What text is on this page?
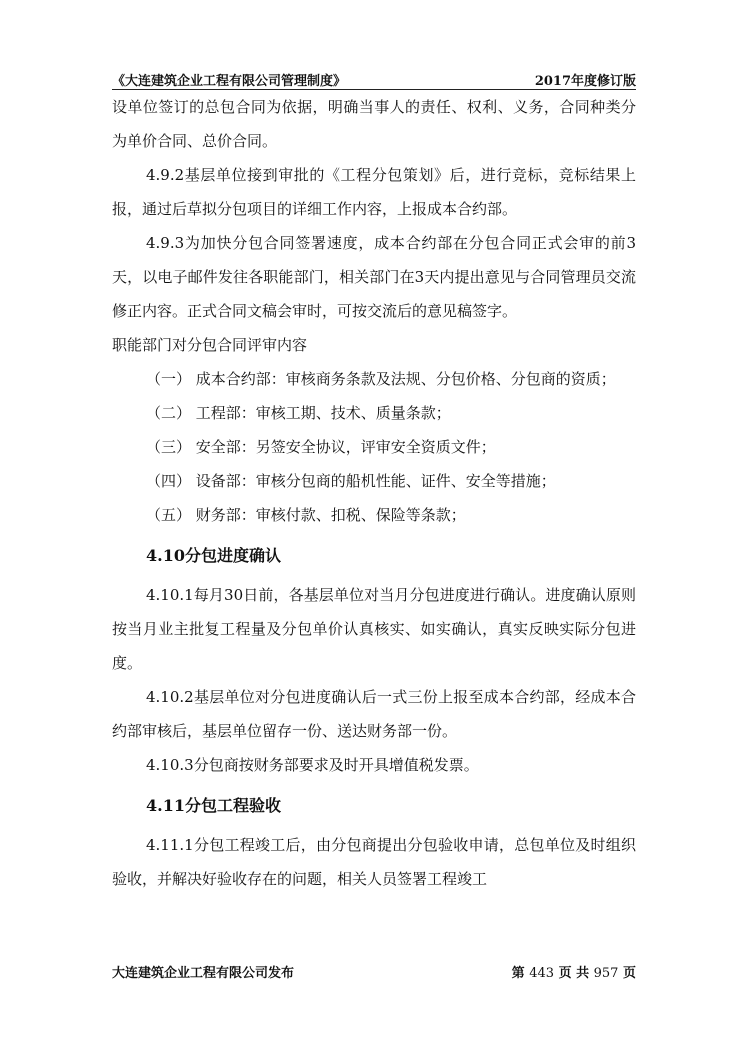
《大连建筑企业工程有限公司管理制度》	2017年度修订版

设单位签订的总包合同为依据，明确当事人的责任、权利、义务，合同种类分为单价合同、总价合同。

4.9.2基层单位接到审批的《工程分包策划》后，进行竞标，竞标结果上报，通过后草拟分包项目的详细工作内容，上报成本合约部。

4.9.3为加快分包合同签署速度，成本合约部在分包合同正式会审的前3天，以电子邮件发往各职能部门，相关部门在3天内提出意见与合同管理员交流修正内容。正式合同文稿会审时，可按交流后的意见稿签字。

职能部门对分包合同评审内容

（一） 成本合约部：审核商务条款及法规、分包价格、分包商的资质；

（二） 工程部：审核工期、技术、质量条款；

（三） 安全部：另签安全协议，评审安全资质文件；

（四） 设备部：审核分包商的船机性能、证件、安全等措施；

（五） 财务部：审核付款、扣税、保险等条款；

4.10分包进度确认

4.10.1每月30日前，各基层单位对当月分包进度进行确认。进度确认原则按当月业主批复工程量及分包单价认真核实、如实确认，真实反映实际分包进度。

4.10.2基层单位对分包进度确认后一式三份上报至成本合约部，经成本合约部审核后，基层单位留存一份、送达财务部一份。

4.10.3分包商按财务部要求及时开具增值税发票。

4.11分包工程验收

4.11.1分包工程竣工后，由分包商提出分包验收申请，总包单位及时组织验收，并解决好验收存在的问题，相关人员签署工程竣工

大连建筑企业工程有限公司发布	第 443 页 共 957 页
